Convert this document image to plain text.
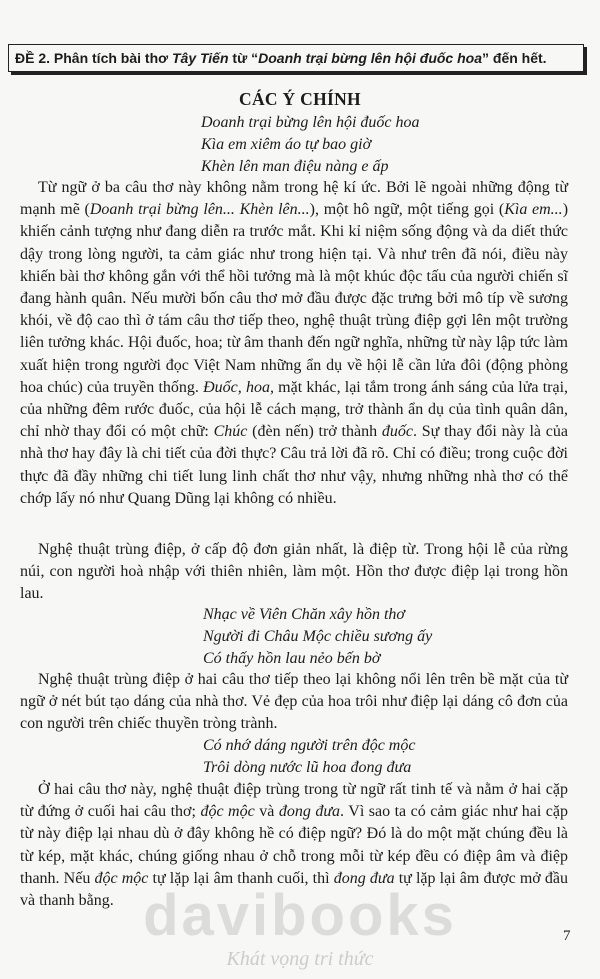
ĐỀ 2. Phân tích bài thơ Tây Tiến từ “Doanh trại bừng lên hội đuốc hoa” đến hết.
CÁC Ý CHÍNH
Doanh trại bừng lên hội đuốc hoa
Kìa em xiêm áo tự bao giờ
Khèn lên man điệu nàng e ấp
Từ ngữ ở ba câu thơ này không nằm trong hệ kí ức. Bởi lẽ ngoài những động từ mạnh mẽ (Doanh trại bừng lên... Khèn lên...), một hô ngữ, một tiếng gọi (Kìa em...) khiến cảnh tượng như đang diễn ra trước mắt. Khi kỉ niệm sống động và da diết thức dậy trong lòng người, ta cảm giác như trong hiện tại. Và như trên đã nói, điều này khiến bài thơ không gắn với thể hồi tưởng mà là một khúc độc tấu của người chiến sĩ đang hành quân. Nếu mười bốn câu thơ mở đầu được đặc trưng bởi mô típ về sương khói, về độ cao thì ở tám câu thơ tiếp theo, nghệ thuật trùng điệp gợi lên một trường liên tưởng khác. Hội đuốc, hoa; từ âm thanh đến ngữ nghĩa, những từ này lập tức làm xuất hiện trong người đọc Việt Nam những ẩn dụ về hội lễ cần lửa đôi (động phòng hoa chúc) của truyền thống. Đuốc, hoa, mặt khác, lại tắm trong ánh sáng của lửa trại, của những đêm rước đuốc, của hội lễ cách mạng, trở thành ẩn dụ của tình quân dân, chỉ nhờ thay đổi có một chữ: Chúc (đèn nến) trở thành đuốc. Sự thay đổi này là của nhà thơ hay đây là chi tiết của đời thực? Câu trả lời đã rõ. Chỉ có điều; trong cuộc đời thực đã đầy những chi tiết lung linh chất thơ như vậy, nhưng những nhà thơ có thể chớp lấy nó như Quang Dũng lại không có nhiều.
Nghệ thuật trùng điệp, ở cấp độ đơn giản nhất, là điệp từ. Trong hội lễ của rừng núi, con người hoà nhập với thiên nhiên, làm một. Hồn thơ được điệp lại trong hồn lau.
Nhạc về Viên Chăn xây hồn thơ
Người đi Châu Mộc chiều sương ấy
Có thấy hồn lau nẻo bến bờ
Nghệ thuật trùng điệp ở hai câu thơ tiếp theo lại không nổi lên trên bề mặt của từ ngữ ở nét bút tạo dáng của nhà thơ. Vẻ đẹp của hoa trôi như điệp lại dáng cô đơn của con người trên chiếc thuyền tròng trành.
Có nhớ dáng người trên độc mộc
Trôi dòng nước lũ hoa đong đưa
Ở hai câu thơ này, nghệ thuật điệp trùng trong từ ngữ rất tinh tế và nằm ở hai cặp từ đứng ở cuối hai câu thơ; độc mộc và đong đưa. Vì sao ta có cảm giác như hai cặp từ này điệp lại nhau dù ở đây không hề có điệp ngữ? Đó là do một mặt chúng đều là từ kép, mặt khác, chúng giống nhau ở chỗ trong mỗi từ kép đều có điệp âm và điệp thanh. Nếu độc mộc tự lặp lại âm thanh cuối, thì đong đưa tự lặp lại âm được mở đầu và thanh bằng.
7
davibooks
Khát vọng tri thức
